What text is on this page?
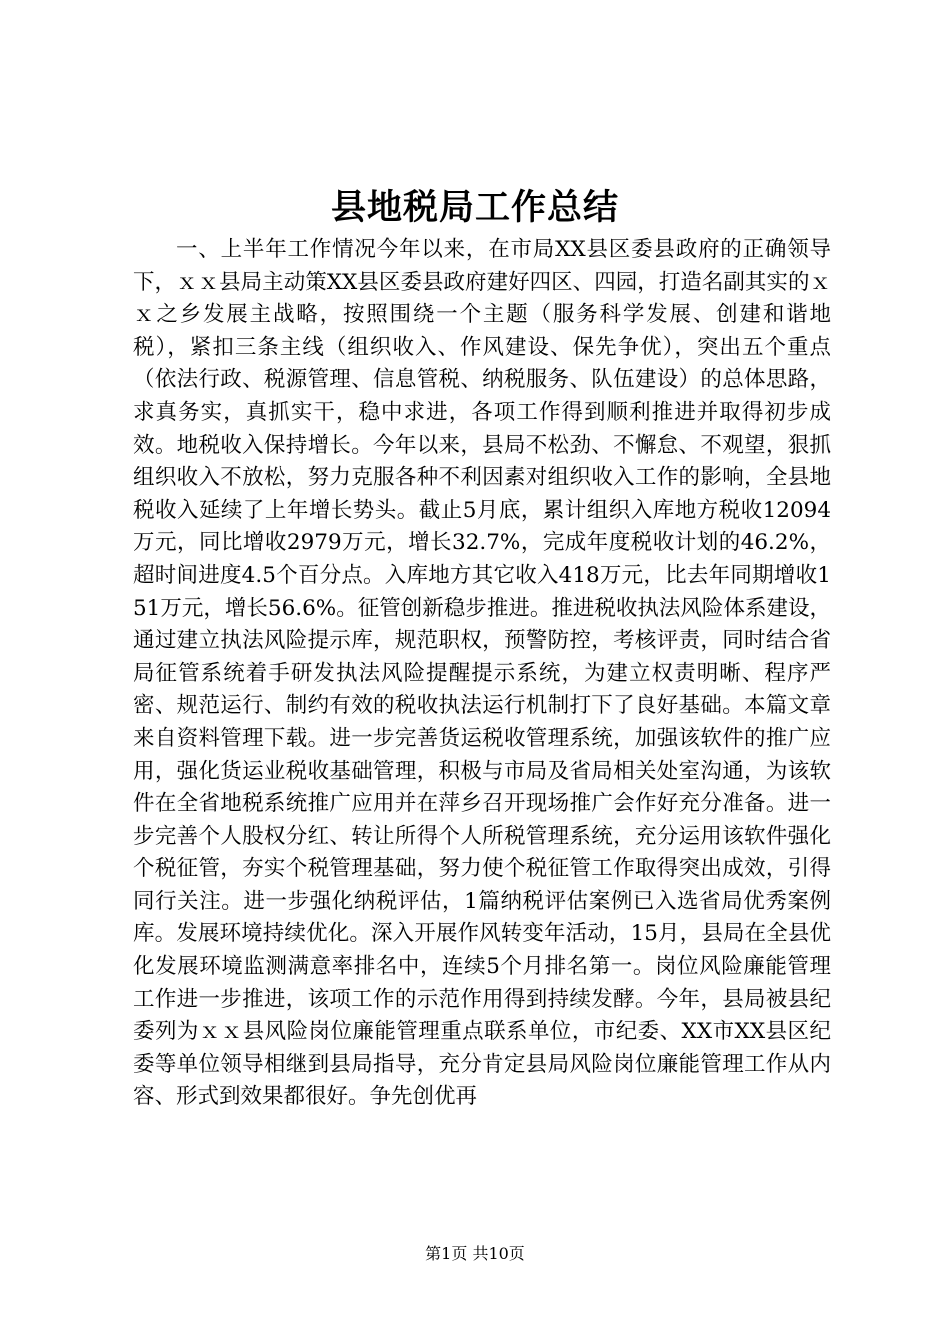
县地税局工作总结

一、上半年工作情况今年以来，在市局XX县区委县政府的正确领导下，ｘｘ县局主动策XX县区委县政府建好四区、四园，打造名副其实的ｘｘ之乡发展主战略，按照围绕一个主题（服务科学发展、创建和谐地税），紧扣三条主线（组织收入、作风建设、保先争优），突出五个重点（依法行政、税源管理、信息管税、纳税服务、队伍建设）的总体思路，求真务实，真抓实干，稳中求进，各项工作得到顺利推进并取得初步成效。地税收入保持增长。今年以来，县局不松劲、不懈怠、不观望，狠抓组织收入不放松，努力克服各种不利因素对组织收入工作的影响，全县地税收入延续了上年增长势头。截止5月底，累计组织入库地方税收12094万元，同比增收2979万元，增长32.7%，完成年度税收计划的46.2%，超时间进度4.5个百分点。入库地方其它收入418万元，比去年同期增收151万元，增长56.6%。征管创新稳步推进。推进税收执法风险体系建设，通过建立执法风险提示库，规范职权，预警防控，考核评责，同时结合省局征管系统着手研发执法风险提醒提示系统，为建立权责明晰、程序严密、规范运行、制约有效的税收执法运行机制打下了良好基础。本篇文章来自资料管理下载。进一步完善货运税收管理系统，加强该软件的推广应用，强化货运业税收基础管理，积极与市局及省局相关处室沟通，为该软件在全省地税系统推广应用并在萍乡召开现场推广会作好充分准备。进一步完善个人股权分红、转让所得个人所税管理系统，充分运用该软件强化个税征管，夯实个税管理基础，努力使个税征管工作取得突出成效，引得同行关注。进一步强化纳税评估，1篇纳税评估案例已入选省局优秀案例库。发展环境持续优化。深入开展作风转变年活动，15月，县局在全县优化发展环境监测满意率排名中，连续5个月排名第一。岗位风险廉能管理工作进一步推进，该项工作的示范作用得到持续发酵。今年，县局被县纪委列为ｘｘ县风险岗位廉能管理重点联系单位，市纪委、XX市XX县区纪委等单位领导相继到县局指导，充分肯定县局风险岗位廉能管理工作从内容、形式到效果都很好。争先创优再

第1页 共10页
